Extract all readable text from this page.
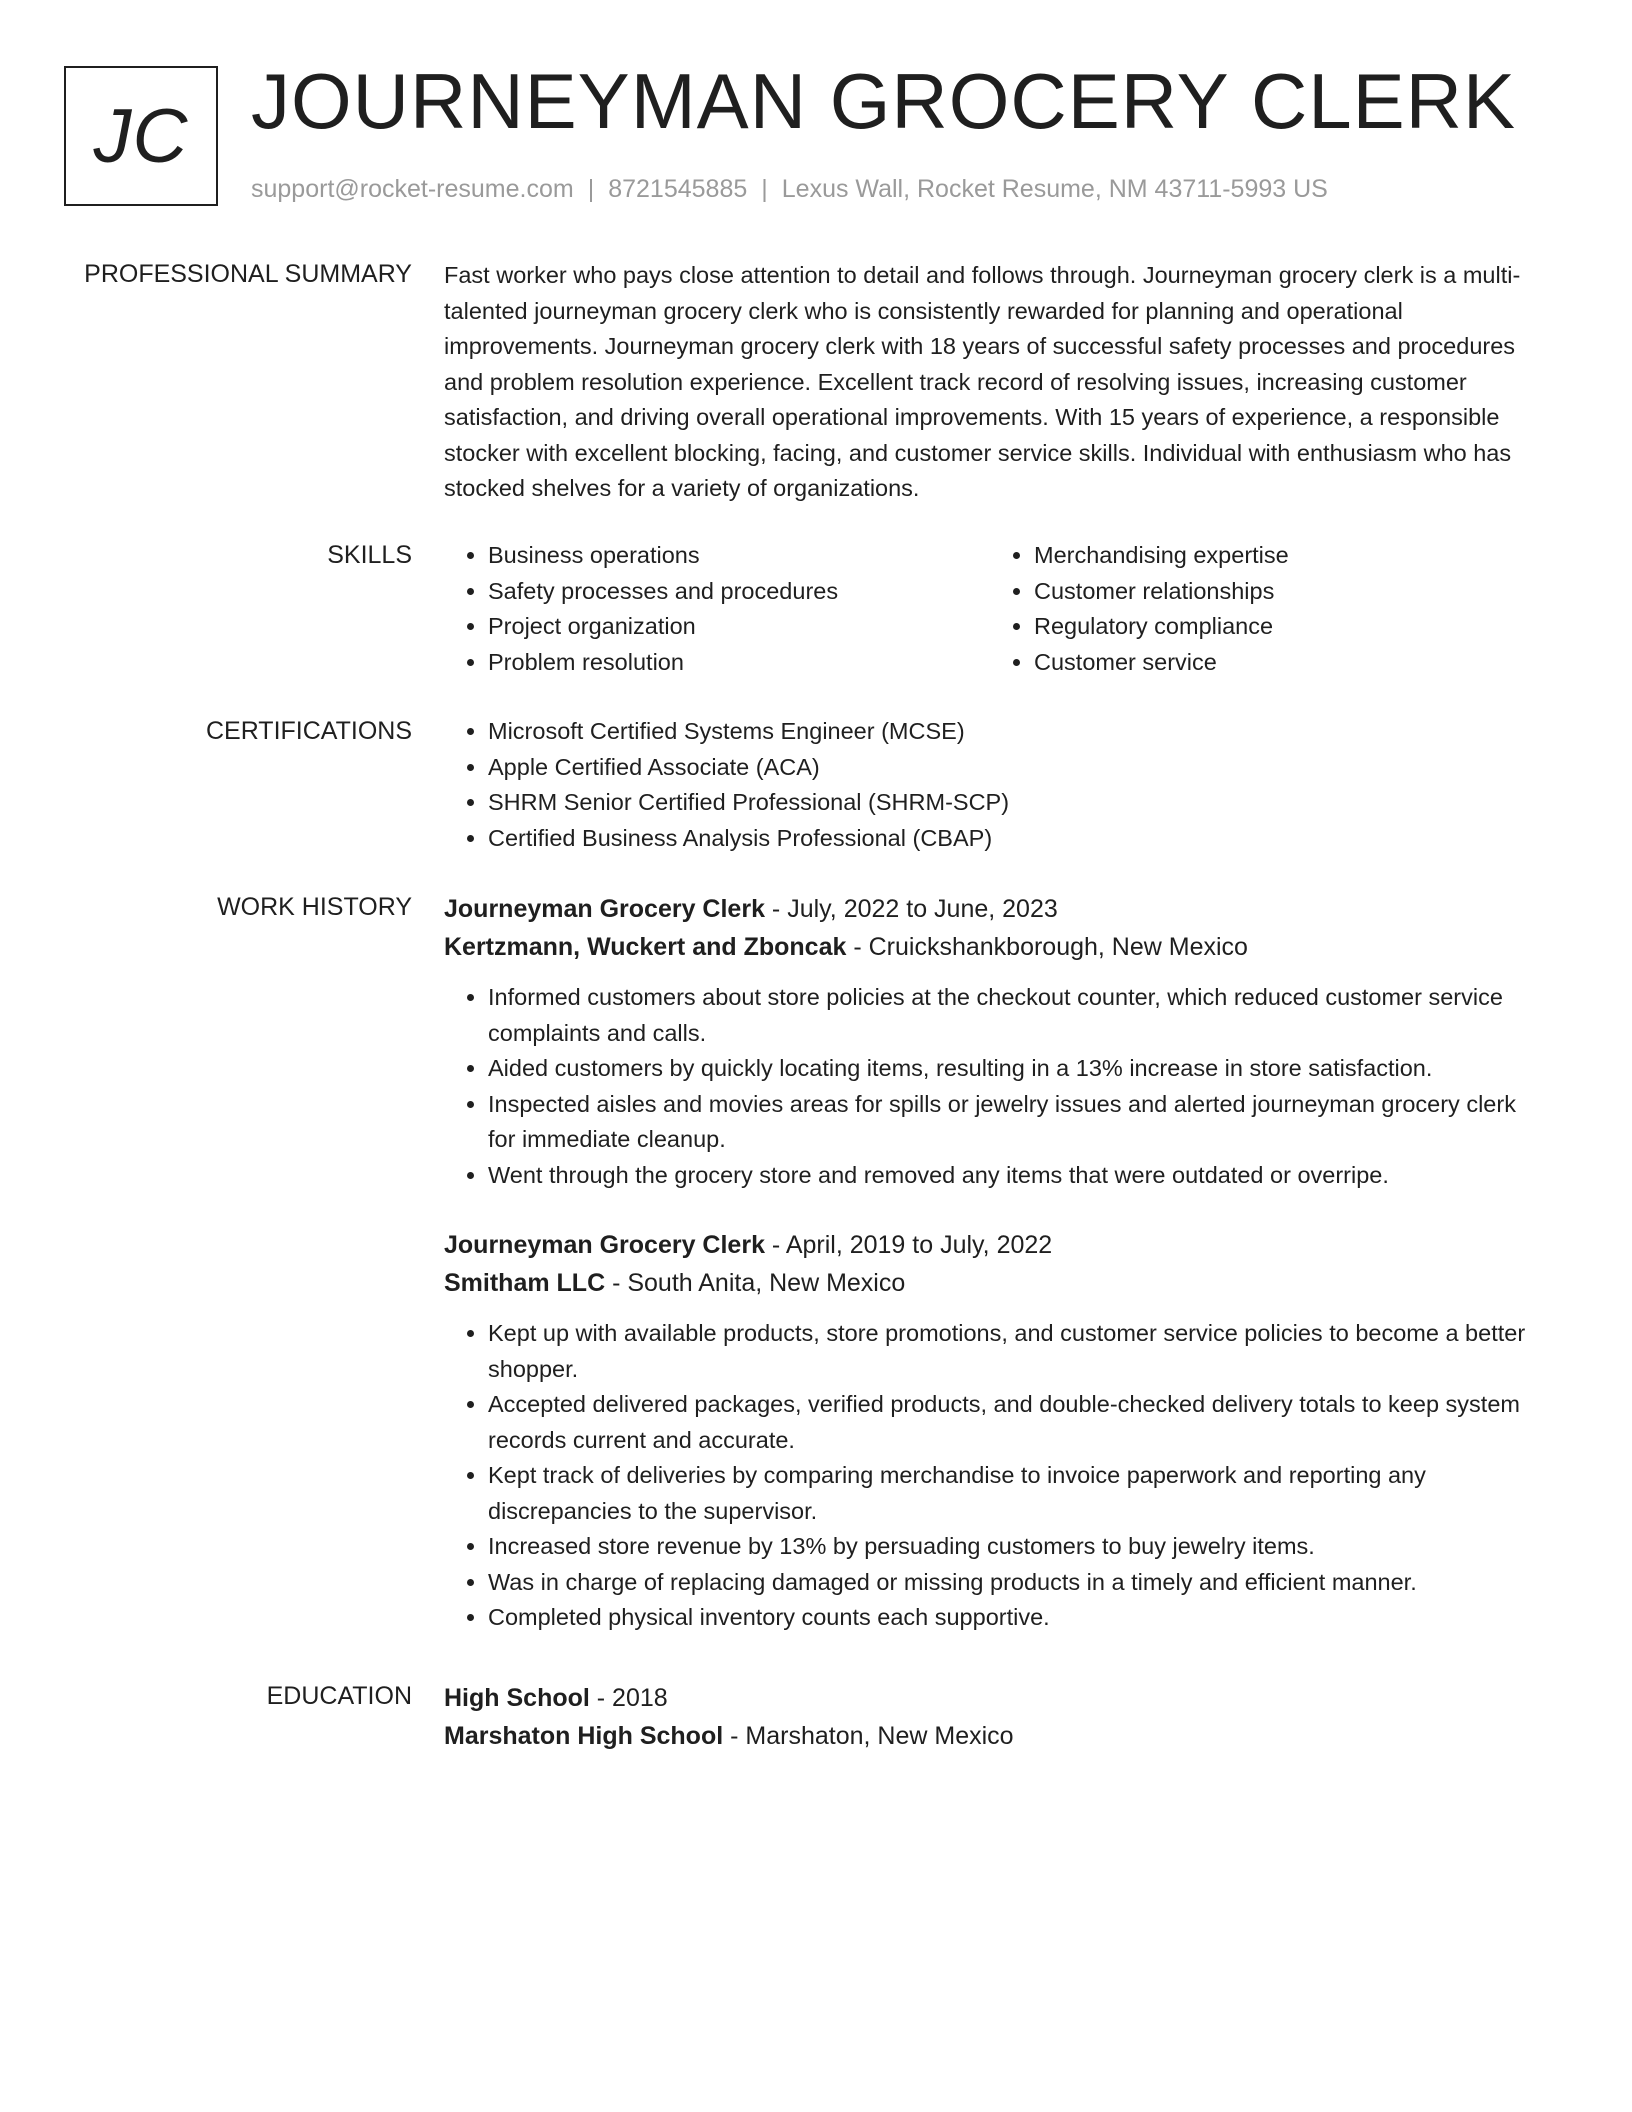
JC JOURNEYMAN GROCERY CLERK
support@rocket-resume.com | 8721545885 | Lexus Wall, Rocket Resume, NM 43711-5993 US
PROFESSIONAL SUMMARY Fast worker who pays close attention to detail and follows through. Journeyman grocery clerk is a multi-talented journeyman grocery clerk who is consistently rewarded for planning and operational improvements. Journeyman grocery clerk with 18 years of successful safety processes and procedures and problem resolution experience. Excellent track record of resolving issues, increasing customer satisfaction, and driving overall operational improvements. With 15 years of experience, a responsible stocker with excellent blocking, facing, and customer service skills. Individual with enthusiasm who has stocked shelves for a variety of organizations.

SKILLS	• Business operations
• Safety processes and procedures
• Project organization
• Problem resolution
• Merchandising expertise
• Customer relationships
• Regulatory compliance
• Customer service
CERTIFICATIONS	• Microsoft Certified Systems Engineer (MCSE)
• Apple Certified Associate (ACA)
• SHRM Senior Certified Professional (SHRM-SCP)
• Certified Business Analysis Professional (CBAP)
WORK HISTORY Journeyman Grocery Clerk - July, 2022 to June, 2023
Kertzmann, Wuckert and Zboncak - Cruickshankborough, New Mexico
• Informed customers about store policies at the checkout counter, which reduced customer service complaints and calls.
• Aided customers by quickly locating items, resulting in a 13% increase in store satisfaction.
• Inspected aisles and movies areas for spills or jewelry issues and alerted journeyman grocery clerk for immediate cleanup.
• Went through the grocery store and removed any items that were outdated or overripe.
Journeyman Grocery Clerk - April, 2019 to July, 2022
Smitham LLC - South Anita, New Mexico
• Kept up with available products, store promotions, and customer service policies to become a better shopper.
• Accepted delivered packages, verified products, and double-checked delivery totals to keep system records current and accurate.
• Kept track of deliveries by comparing merchandise to invoice paperwork and reporting any discrepancies to the supervisor.
• Increased store revenue by 13% by persuading customers to buy jewelry items.
• Was in charge of replacing damaged or missing products in a timely and efficient manner.
• Completed physical inventory counts each supportive.
EDUCATION High School - 2018
Marshaton High School - Marshaton, New Mexico
